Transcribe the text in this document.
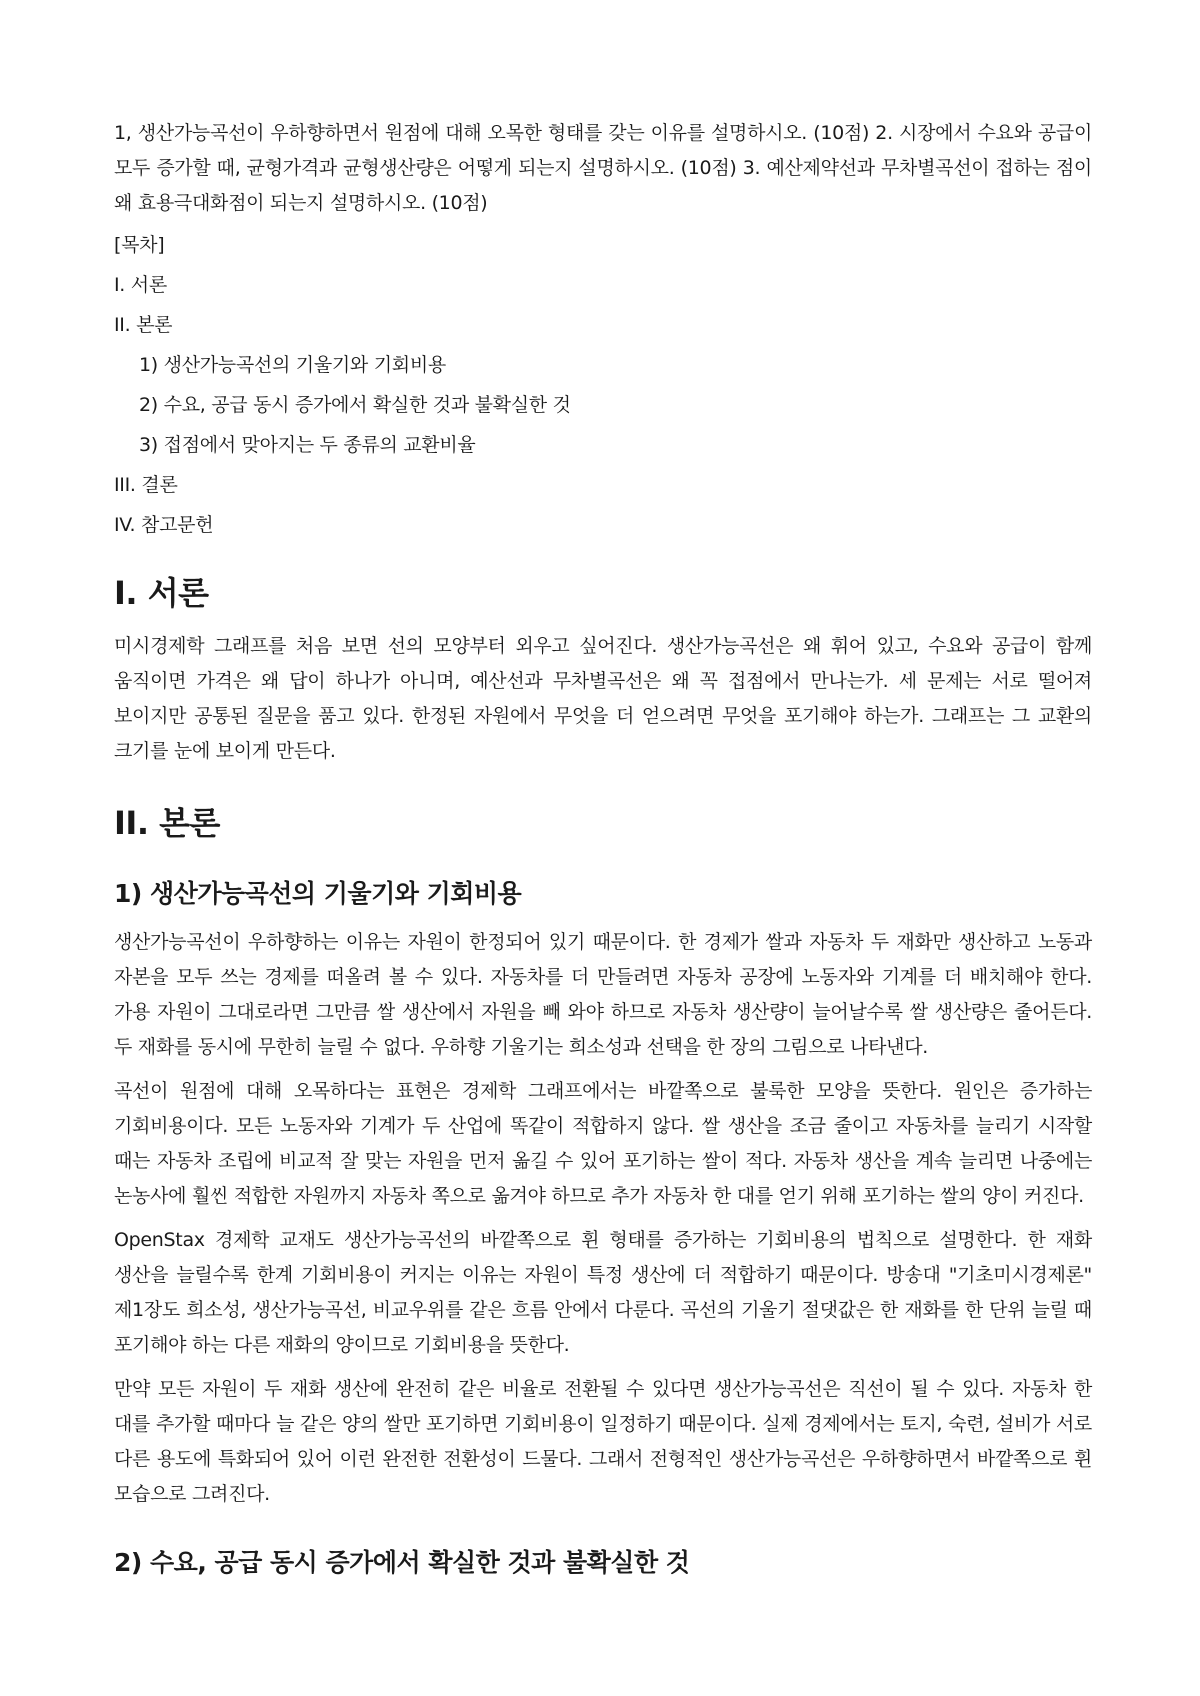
1, 생산가능곡선이 우하향하면서 원점에 대해 오목한 형태를 갖는 이유를 설명하시오. (10점) 2. 시장에서 수요와 공급이 모두 증가할 때, 균형가격과 균형생산량은 어떻게 되는지 설명하시오. (10점) 3. 예산제약선과 무차별곡선이 접하는 점이 왜 효용극대화점이 되는지 설명하시오. (10점)

[목차]

I. 서론

II. 본론

1) 생산가능곡선의 기울기와 기회비용

2) 수요, 공급 동시 증가에서 확실한 것과 불확실한 것

3) 접점에서 맞아지는 두 종류의 교환비율

III. 결론

IV. 참고문헌

I. 서론

미시경제학 그래프를 처음 보면 선의 모양부터 외우고 싶어진다. 생산가능곡선은 왜 휘어 있고, 수요와 공급이 함께 움직이면 가격은 왜 답이 하나가 아니며, 예산선과 무차별곡선은 왜 꼭 접점에서 만나는가. 세 문제는 서로 떨어져 보이지만 공통된 질문을 품고 있다. 한정된 자원에서 무엇을 더 얻으려면 무엇을 포기해야 하는가. 그래프는 그 교환의 크기를 눈에 보이게 만든다.

II. 본론
1) 생산가능곡선의 기울기와 기회비용

생산가능곡선이 우하향하는 이유는 자원이 한정되어 있기 때문이다. 한 경제가 쌀과 자동차 두 재화만 생산하고 노동과 자본을 모두 쓰는 경제를 떠올려 볼 수 있다. 자동차를 더 만들려면 자동차 공장에 노동자와 기계를 더 배치해야 한다. 가용 자원이 그대로라면 그만큼 쌀 생산에서 자원을 빼 와야 하므로 자동차 생산량이 늘어날수록 쌀 생산량은 줄어든다. 두 재화를 동시에 무한히 늘릴 수 없다. 우하향 기울기는 희소성과 선택을 한 장의 그림으로 나타낸다.

곡선이 원점에 대해 오목하다는 표현은 경제학 그래프에서는 바깥쪽으로 불룩한 모양을 뜻한다. 원인은 증가하는 기회비용이다. 모든 노동자와 기계가 두 산업에 똑같이 적합하지 않다. 쌀 생산을 조금 줄이고 자동차를 늘리기 시작할 때는 자동차 조립에 비교적 잘 맞는 자원을 먼저 옮길 수 있어 포기하는 쌀이 적다. 자동차 생산을 계속 늘리면 나중에는 논농사에 훨씬 적합한 자원까지 자동차 쪽으로 옮겨야 하므로 추가 자동차 한 대를 얻기 위해 포기하는 쌀의 양이 커진다.

OpenStax 경제학 교재도 생산가능곡선의 바깥쪽으로 휜 형태를 증가하는 기회비용의 법칙으로 설명한다. 한 재화 생산을 늘릴수록 한계 기회비용이 커지는 이유는 자원이 특정 생산에 더 적합하기 때문이다. 방송대 "기초미시경제론" 제1장도 희소성, 생산가능곡선, 비교우위를 같은 흐름 안에서 다룬다. 곡선의 기울기 절댓값은 한 재화를 한 단위 늘릴 때 포기해야 하는 다른 재화의 양이므로 기회비용을 뜻한다.

만약 모든 자원이 두 재화 생산에 완전히 같은 비율로 전환될 수 있다면 생산가능곡선은 직선이 될 수 있다. 자동차 한 대를 추가할 때마다 늘 같은 양의 쌀만 포기하면 기회비용이 일정하기 때문이다. 실제 경제에서는 토지, 숙련, 설비가 서로 다른 용도에 특화되어 있어 이런 완전한 전환성이 드물다. 그래서 전형적인 생산가능곡선은 우하향하면서 바깥쪽으로 휜 모습으로 그려진다.

2) 수요, 공급 동시 증가에서 확실한 것과 불확실한 것
